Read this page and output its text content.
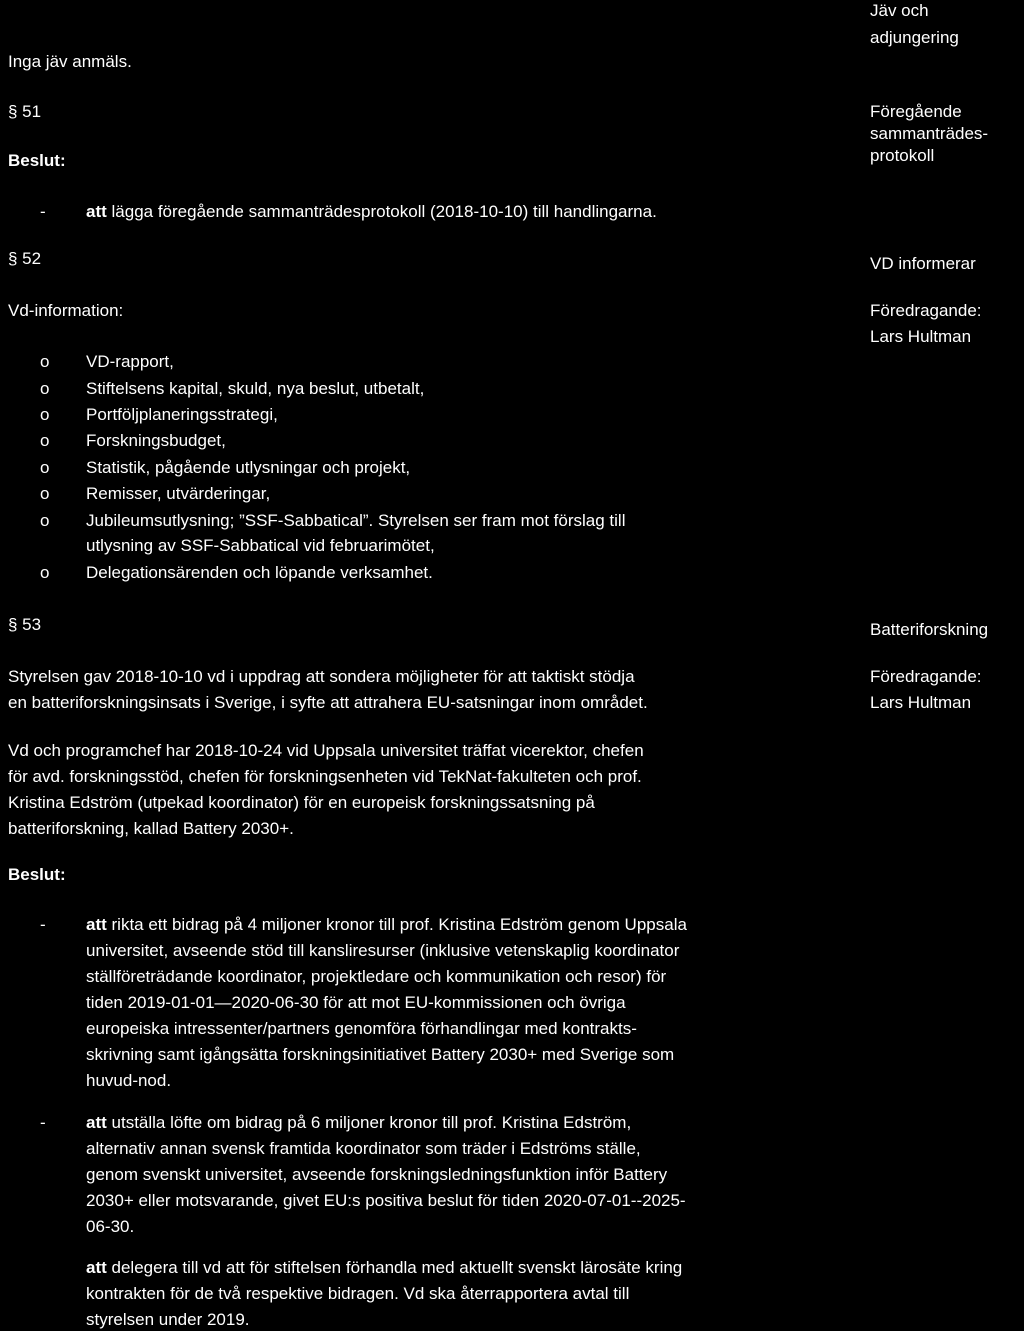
Jäv och
adjungering
Inga jäv anmäls.
§ 51
Beslut:
Föregående
sammanträdes-
protokoll
- att lägga föregående sammanträdesprotokoll (2018-10-10) till handlingarna.
§ 52	VD informerar
Vd-information:	Föredragande:
Lars Hultman
o VD-rapport,
o Stiftelsens kapital, skuld, nya beslut, utbetalt,
o Portföljplaneringsstrategi,
o Forskningsbudget,
o Statistik, pågående utlysningar och projekt,
o Remisser, utvärderingar,
o Jubileumsutlysning; ”SSF-Sabbatical”. Styrelsen ser fram mot förslag till
utlysning av SSF-Sabbatical vid februarimötet,
o Delegationsärenden och löpande verksamhet.
§ 53	Batteriforskning
Styrelsen gav 2018-10-10 vd i uppdrag att sondera möjligheter för att taktiskt stödja
en batteriforskningsinsats i Sverige, i syfte att attrahera EU-satsningar inom området.
Föredragande:
Lars Hultman
Vd och programchef har 2018-10-24 vid Uppsala universitet träffat vicerektor, chefen
för avd. forskningsstöd, chefen för forskningsenheten vid TekNat-fakulteten och prof.
Kristina Edström (utpekad koordinator) för en europeisk forskningssatsning på
batteriforskning, kallad Battery 2030+.
Beslut:
- att rikta ett bidrag på 4 miljoner kronor till prof. Kristina Edström genom Uppsala
universitet, avseende stöd till kansliresurser (inklusive vetenskaplig koordinator
ställföreträdande koordinator, projektledare och kommunikation och resor) för
tiden 2019-01-01—2020-06-30 för att mot EU-kommissionen och övriga
europeiska intressenter/partners genomföra förhandlingar med kontrakts-
skrivning samt igångsätta forskningsinitiativet Battery 2030+ med Sverige som
huvud-nod.
- att utställa löfte om bidrag på 6 miljoner kronor till prof. Kristina Edström,
alternativ annan svensk framtida koordinator som träder i Edströms ställe,
genom svenskt universitet, avseende forskningsledningsfunktion inför Battery
2030+ eller motsvarande, givet EU:s positiva beslut för tiden 2020-07-01--2025-
06-30.
att delegera till vd att för stiftelsen förhandla med aktuellt svenskt lärosäte kring
kontrakten för de två respektive bidragen. Vd ska återrapportera avtal till
styrelsen under 2019.
